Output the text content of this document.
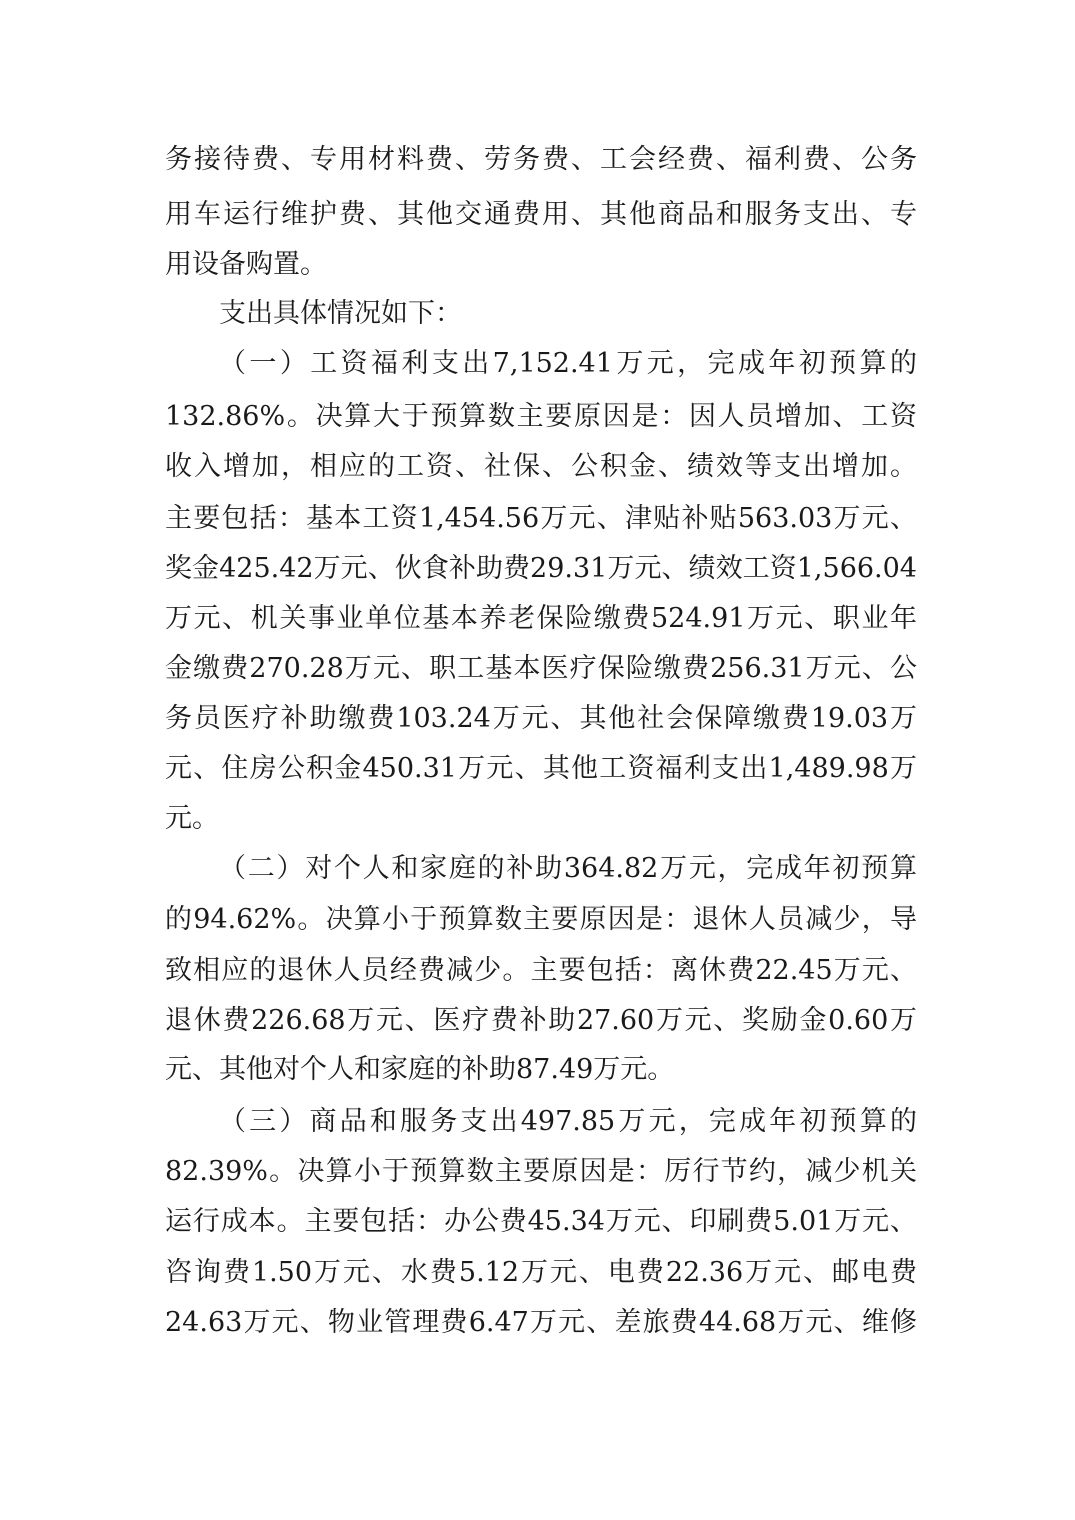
务接待费、专用材料费、劳务费、工会经费、福利费、公务
用车运行维护费、其他交通费用、其他商品和服务支出、专
用设备购置。
支出具体情况如下：
（一）工资福利支出7,152.41万元，完成年初预算的
132.86%。决算大于预算数主要原因是：因人员增加、工资
收入增加，相应的工资、社保、公积金、绩效等支出增加。
主要包括：基本工资1,454.56万元、津贴补贴563.03万元、
奖金425.42万元、伙食补助费29.31万元、绩效工资1,566.04
万元、机关事业单位基本养老保险缴费524.91万元、职业年
金缴费270.28万元、职工基本医疗保险缴费256.31万元、公
务员医疗补助缴费103.24万元、其他社会保障缴费19.03万
元、住房公积金450.31万元、其他工资福利支出1,489.98万
元。
（二）对个人和家庭的补助364.82万元，完成年初预算
的94.62%。决算小于预算数主要原因是：退休人员减少，导
致相应的退休人员经费减少。主要包括：离休费22.45万元、
退休费226.68万元、医疗费补助27.60万元、奖励金0.60万
元、其他对个人和家庭的补助87.49万元。
（三）商品和服务支出497.85万元，完成年初预算的
82.39%。决算小于预算数主要原因是：厉行节约，减少机关
运行成本。主要包括：办公费45.34万元、印刷费5.01万元、
咨询费1.50万元、水费5.12万元、电费22.36万元、邮电费
24.63万元、物业管理费6.47万元、差旅费44.68万元、维修
